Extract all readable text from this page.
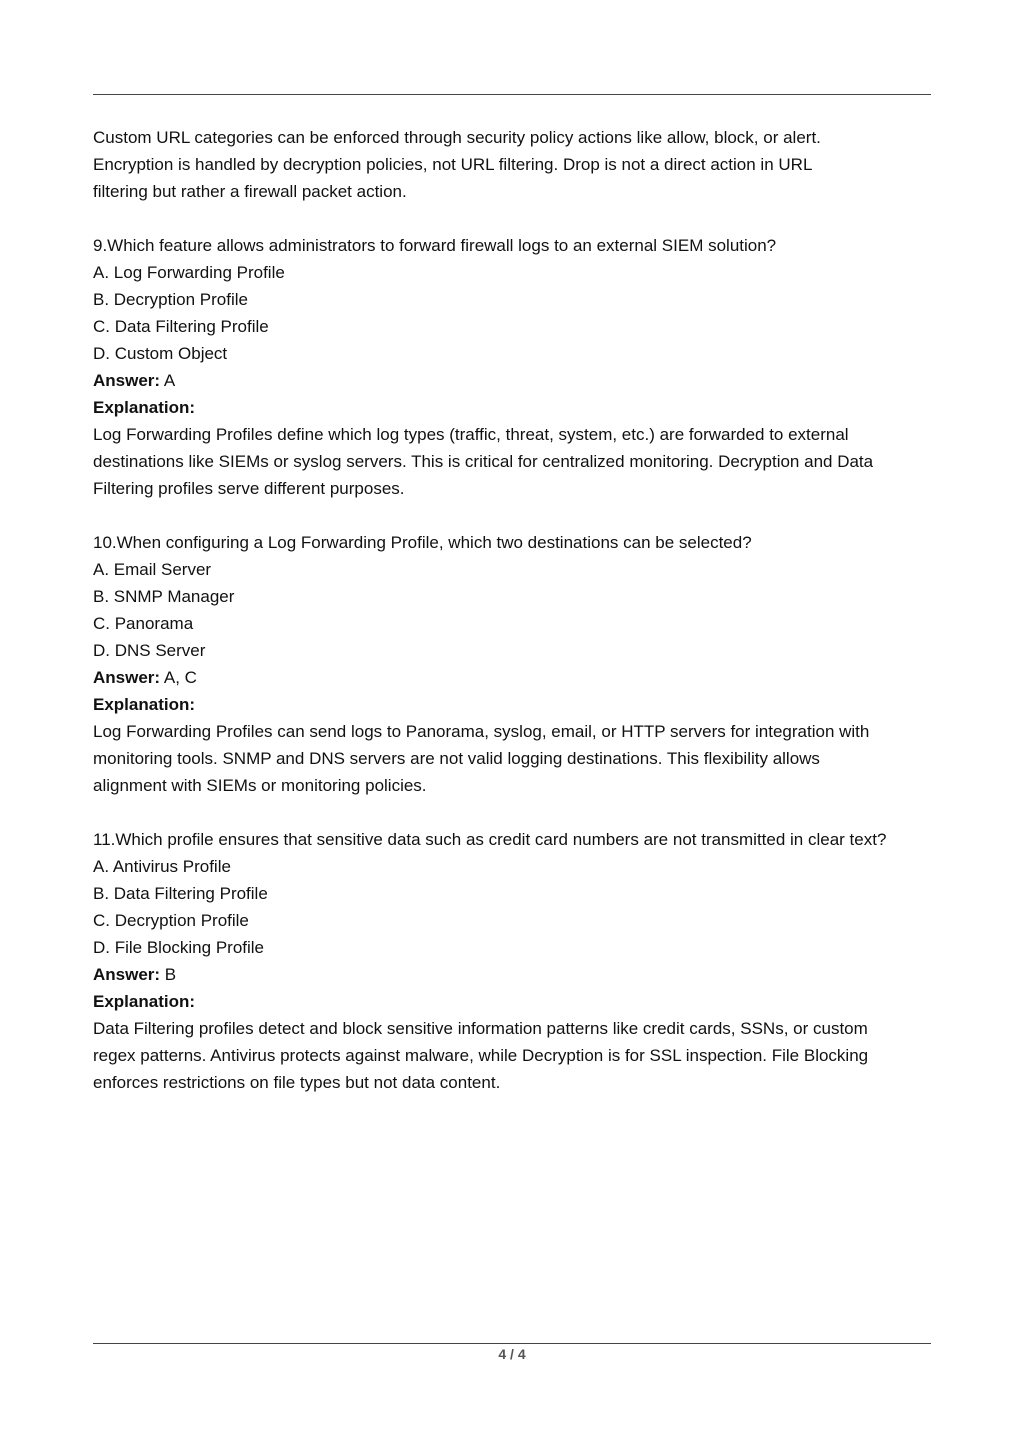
Custom URL categories can be enforced through security policy actions like allow, block, or alert.
Encryption is handled by decryption policies, not URL filtering. Drop is not a direct action in URL
filtering but rather a firewall packet action.
9.Which feature allows administrators to forward firewall logs to an external SIEM solution?
A. Log Forwarding Profile
B. Decryption Profile
C. Data Filtering Profile
D. Custom Object
Answer: A
Explanation:
Log Forwarding Profiles define which log types (traffic, threat, system, etc.) are forwarded to external
destinations like SIEMs or syslog servers. This is critical for centralized monitoring. Decryption and Data
Filtering profiles serve different purposes.
10.When configuring a Log Forwarding Profile, which two destinations can be selected?
A. Email Server
B. SNMP Manager
C. Panorama
D. DNS Server
Answer: A, C
Explanation:
Log Forwarding Profiles can send logs to Panorama, syslog, email, or HTTP servers for integration with
monitoring tools. SNMP and DNS servers are not valid logging destinations. This flexibility allows
alignment with SIEMs or monitoring policies.
11.Which profile ensures that sensitive data such as credit card numbers are not transmitted in clear text?
A. Antivirus Profile
B. Data Filtering Profile
C. Decryption Profile
D. File Blocking Profile
Answer: B
Explanation:
Data Filtering profiles detect and block sensitive information patterns like credit cards, SSNs, or custom
regex patterns. Antivirus protects against malware, while Decryption is for SSL inspection. File Blocking
enforces restrictions on file types but not data content.
4 / 4
